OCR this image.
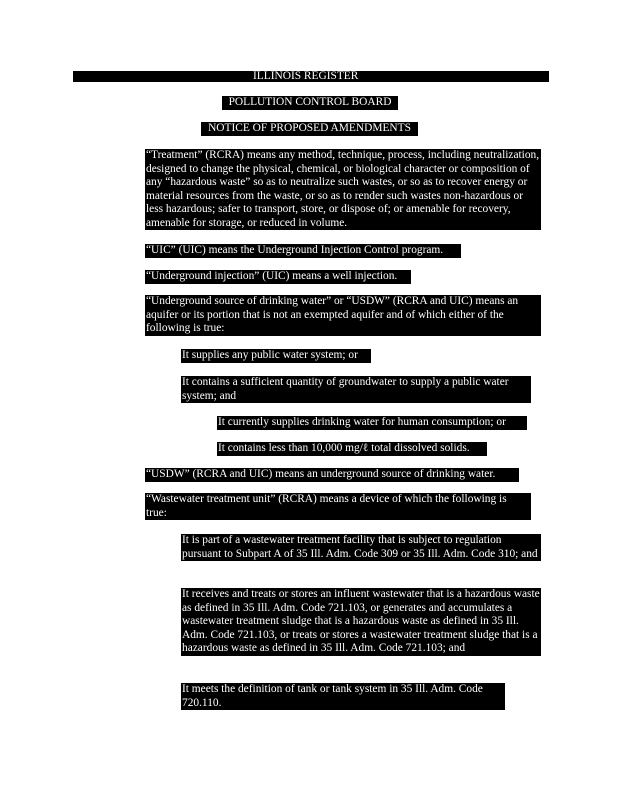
ILLINOIS REGISTER
POLLUTION CONTROL BOARD
NOTICE OF PROPOSED AMENDMENTS

“Treatment” (RCRA) means any method, technique, process, including neutralization, designed to change the physical, chemical, or biological character or composition of any “hazardous waste” so as to neutralize such wastes, or so as to recover energy or material resources from the waste, or so as to render such wastes non-hazardous or less hazardous; safer to transport, store, or dispose of; or amenable for recovery, amenable for storage, or reduced in volume.

“UIC” (UIC) means the Underground Injection Control program.

“Underground injection” (UIC) means a well injection.

“Underground source of drinking water” or “USDW” (RCRA and UIC) means an aquifer or its portion that is not an exempted aquifer and of which either of the following is true:

It supplies any public water system; or

It contains a sufficient quantity of groundwater to supply a public water system; and

It currently supplies drinking water for human consumption; or

It contains less than 10,000 mg/ℓ total dissolved solids.

“USDW” (RCRA and UIC) means an underground source of drinking water.

“Wastewater treatment unit” (RCRA) means a device of which the following is true:

It is part of a wastewater treatment facility that is subject to regulation pursuant to Subpart A of 35 Ill. Adm. Code 309 or 35 Ill. Adm. Code 310; and

It receives and treats or stores an influent wastewater that is a hazardous waste as defined in 35 Ill. Adm. Code 721.103, or generates and accumulates a wastewater treatment sludge that is a hazardous waste as defined in 35 Ill. Adm. Code 721.103, or treats or stores a wastewater treatment sludge that is a hazardous waste as defined in 35 Ill. Adm. Code 721.103; and

It meets the definition of tank or tank system in 35 Ill. Adm. Code 720.110.
